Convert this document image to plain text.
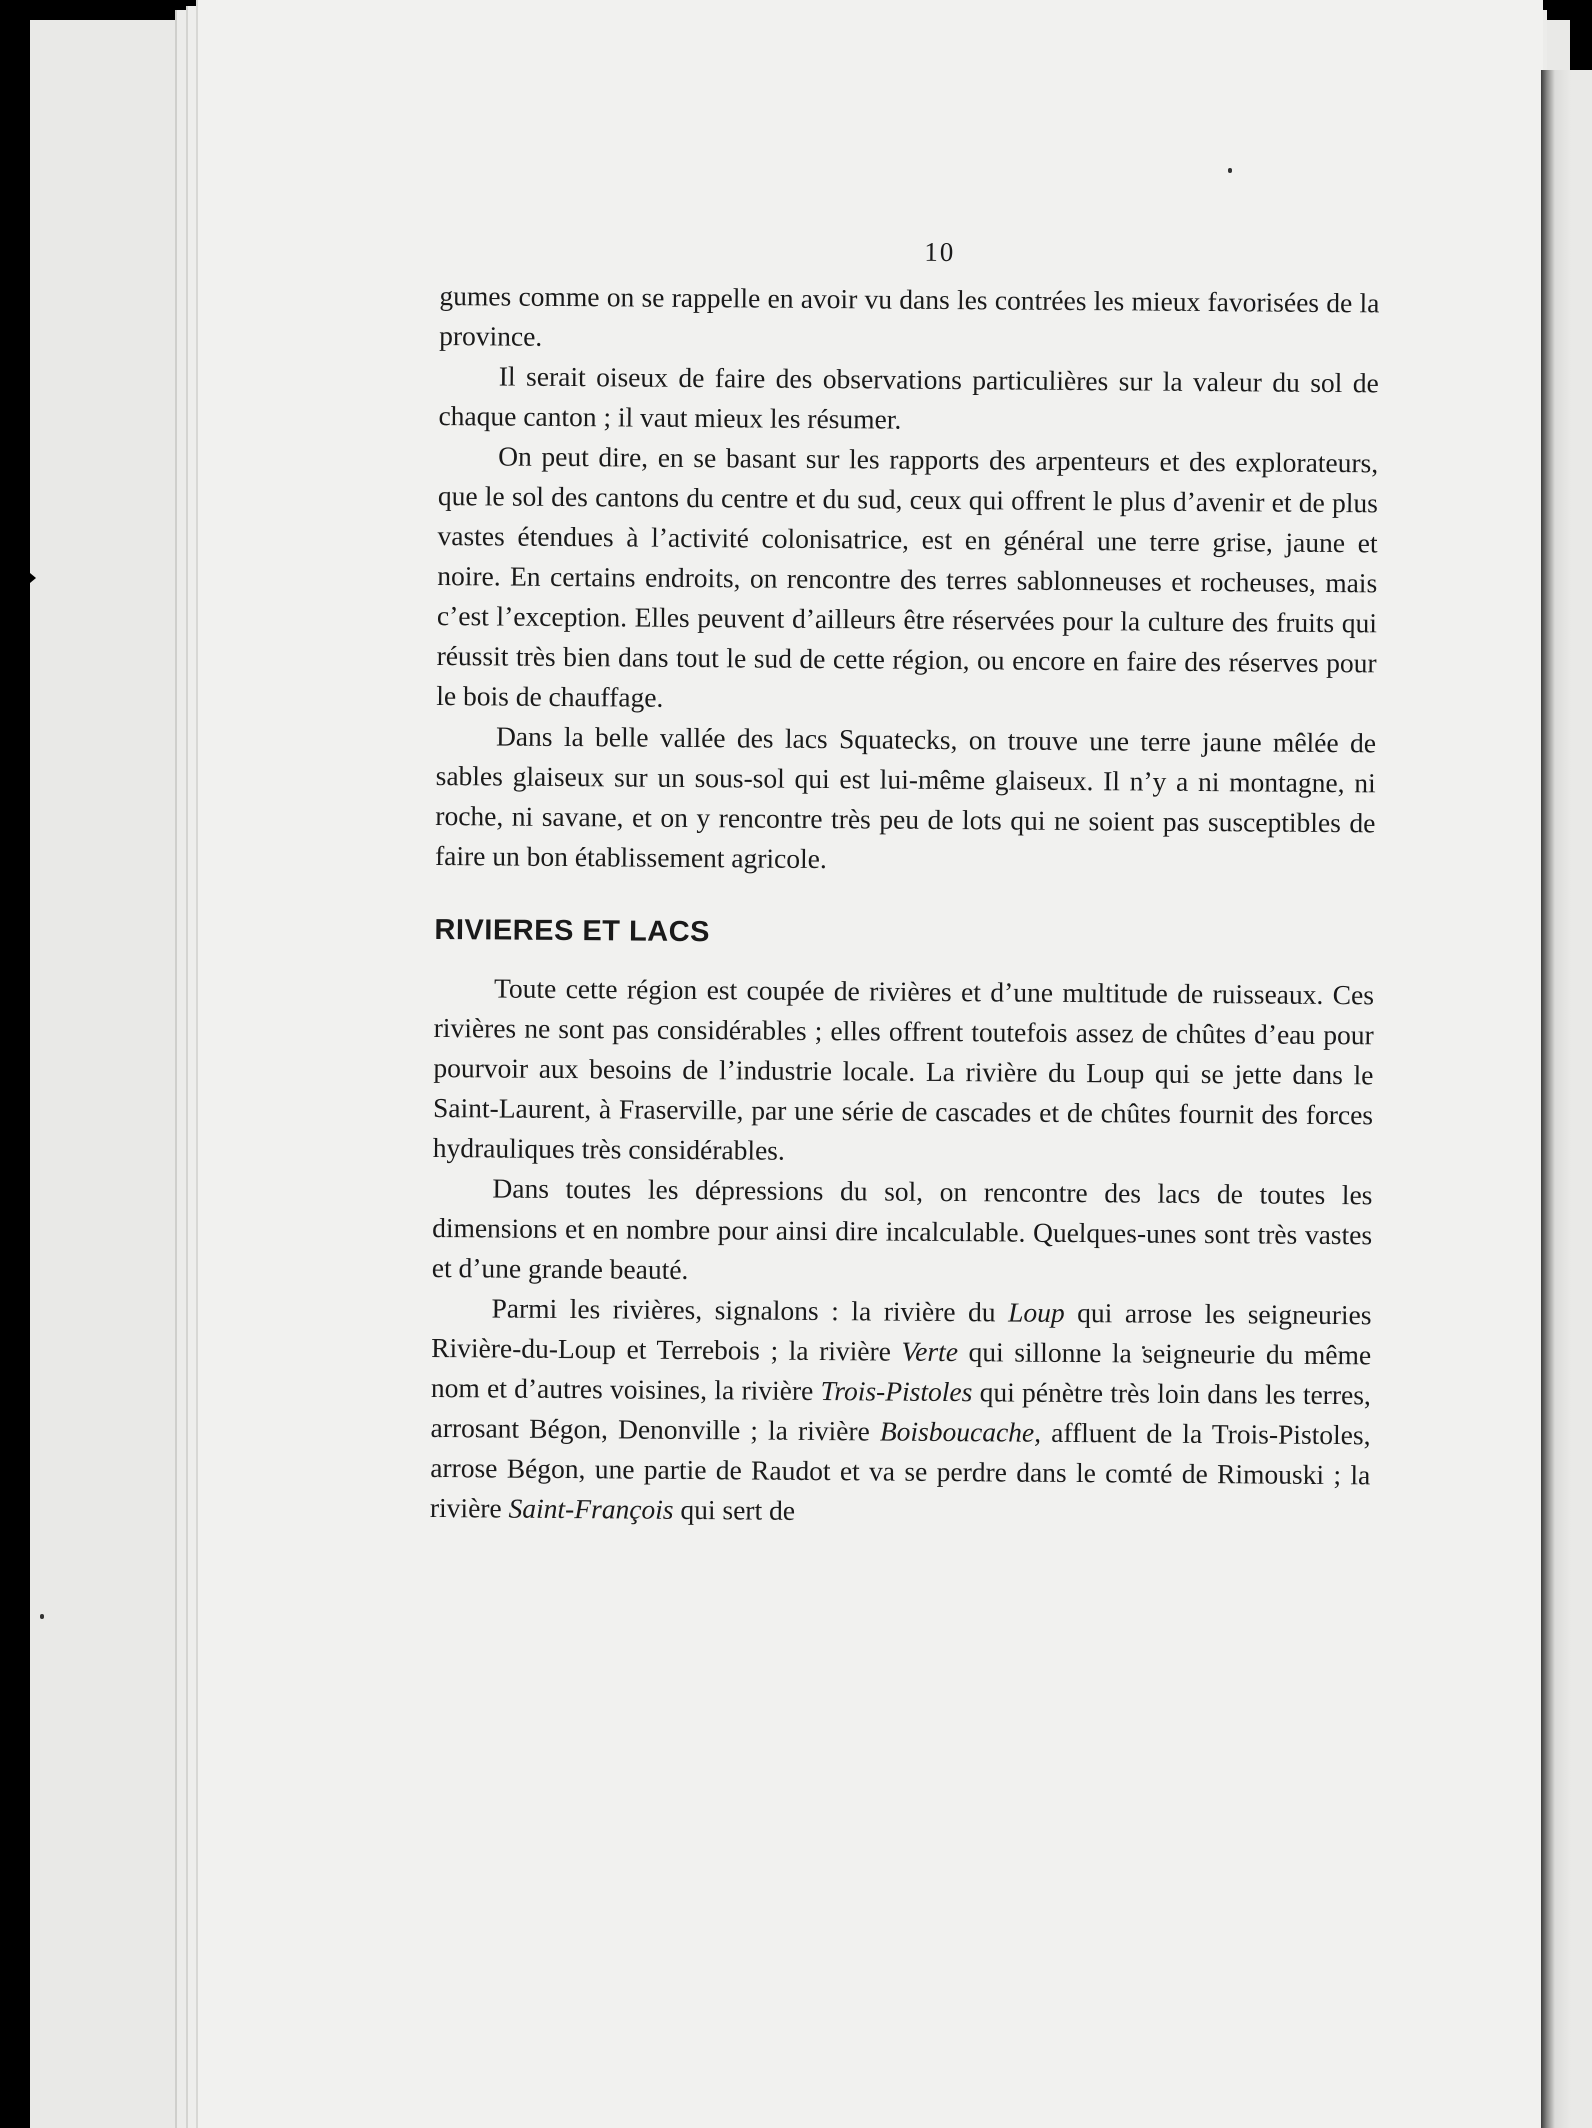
10

gumes comme on se rappelle en avoir vu dans les contrées les mieux favorisées de la province.

Il serait oiseux de faire des observations particulières sur la valeur du sol de chaque canton ; il vaut mieux les résumer.

On peut dire, en se basant sur les rapports des arpenteurs et des explorateurs, que le sol des cantons du centre et du sud, ceux qui offrent le plus d’avenir et de plus vastes étendues à l’activité colonisatrice, est en général une terre grise, jaune et noire. En certains endroits, on rencontre des terres sablonneuses et rocheuses, mais c’est l’exception. Elles peuvent d’ailleurs être réservées pour la culture des fruits qui réussit très bien dans tout le sud de cette région, ou encore en faire des réserves pour le bois de chauffage.

Dans la belle vallée des lacs Squatecks, on trouve une terre jaune mêlée de sables glaiseux sur un sous-sol qui est lui-même glaiseux. Il n’y a ni montagne, ni roche, ni savane, et on y rencontre très peu de lots qui ne soient pas susceptibles de faire un bon établissement agricole.

RIVIERES ET LACS

Toute cette région est coupée de rivières et d’une multitude de ruisseaux. Ces rivières ne sont pas considérables ; elles offrent toutefois assez de chûtes d’eau pour pourvoir aux besoins de l’industrie locale. La rivière du Loup qui se jette dans le Saint-Laurent, à Fraserville, par une série de cascades et de chûtes fournit des forces hydrauliques très considérables.

Dans toutes les dépressions du sol, on rencontre des lacs de toutes les dimensions et en nombre pour ainsi dire incalculable. Quelques-unes sont très vastes et d’une grande beauté.

Parmi les rivières, signalons : la rivière du Loup qui arrose les seigneuries Rivière-du-Loup et Terrebois ; la rivière Verte qui sillonne la seigneurie du même nom et d’autres voisines, la rivière Trois-Pistoles qui pénètre très loin dans les terres, arrosant Bégon, Denonville ; la rivière Boisboucache, affluent de la Trois-Pistoles, arrose Bégon, une partie de Raudot et va se perdre dans le comté de Rimouski ; la rivière Saint-François qui sert de
